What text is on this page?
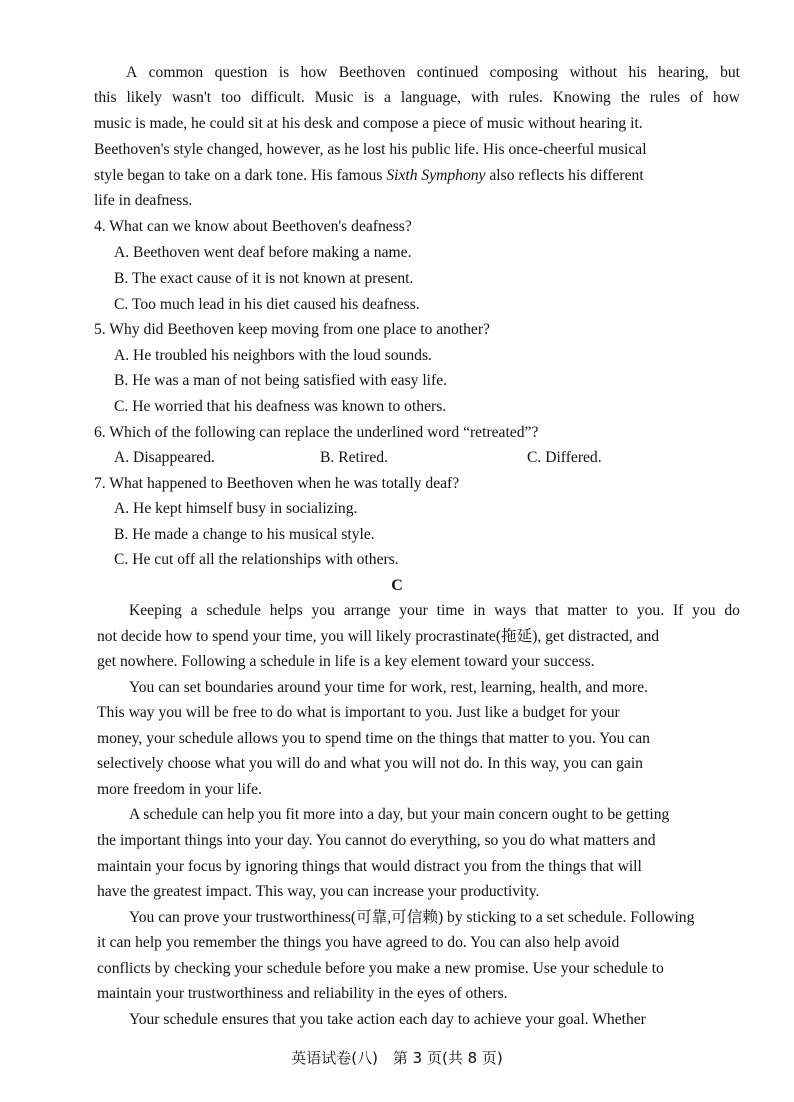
A common question is how Beethoven continued composing without his hearing, but
this likely wasn't too difficult. Music is a language, with rules. Knowing the rules of how
music is made, he could sit at his desk and compose a piece of music without hearing it.
Beethoven's style changed, however, as he lost his public life. His once-cheerful musical
style began to take on a dark tone. His famous Sixth Symphony also reflects his different
life in deafness.
4. What can we know about Beethoven's deafness?
A. Beethoven went deaf before making a name.
B. The exact cause of it is not known at present.
C. Too much lead in his diet caused his deafness.
5. Why did Beethoven keep moving from one place to another?
A. He troubled his neighbors with the loud sounds.
B. He was a man of not being satisfied with easy life.
C. He worried that his deafness was known to others.
6. Which of the following can replace the underlined word “retreated”?
A. Disappeared.	B. Retired.	C. Differed.
7. What happened to Beethoven when he was totally deaf?
A. He kept himself busy in socializing.
B. He made a change to his musical style.
C. He cut off all the relationships with others.
C
Keeping a schedule helps you arrange your time in ways that matter to you. If you do
not decide how to spend your time, you will likely procrastinate(拖延), get distracted, and
get nowhere. Following a schedule in life is a key element toward your success.
You can set boundaries around your time for work, rest, learning, health, and more.
This way you will be free to do what is important to you. Just like a budget for your
money, your schedule allows you to spend time on the things that matter to you. You can
selectively choose what you will do and what you will not do. In this way, you can gain
more freedom in your life.
A schedule can help you fit more into a day, but your main concern ought to be getting
the important things into your day. You cannot do everything, so you do what matters and
maintain your focus by ignoring things that would distract you from the things that will
have the greatest impact. This way, you can increase your productivity.
You can prove your trustworthiness(可靠,可信赖) by sticking to a set schedule. Following
it can help you remember the things you have agreed to do. You can also help avoid
conflicts by checking your schedule before you make a new promise. Use your schedule to
maintain your trustworthiness and reliability in the eyes of others.
Your schedule ensures that you take action each day to achieve your goal. Whether
英语试卷(八)　第 3 页(共 8 页)
